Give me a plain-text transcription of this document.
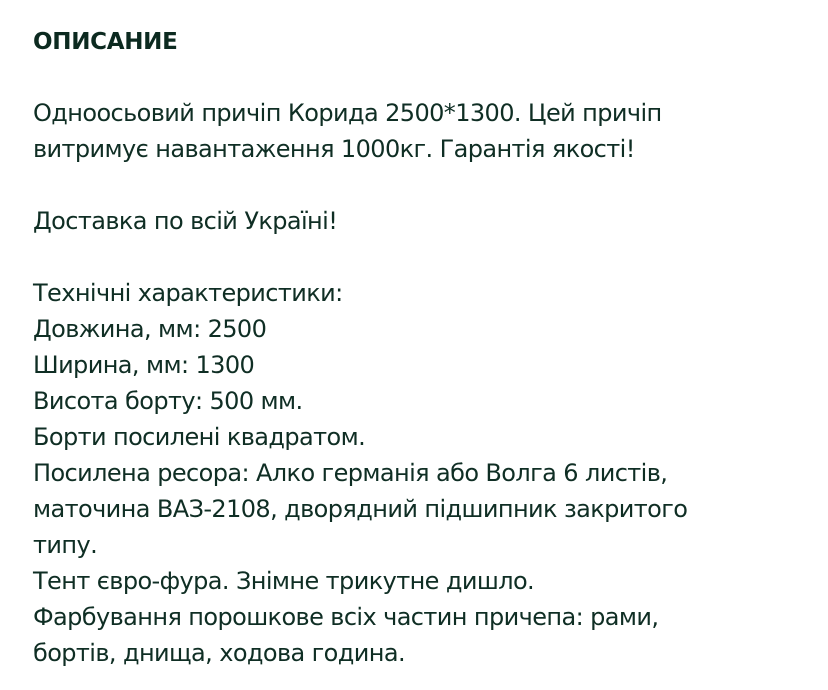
ОПИСАНИЕ
Одноосьовий причіп Корида 2500*1300. Цей причіп
витримує навантаження 1000кг. Гарантія якості!
Доставка по всій Україні!
Технічні характеристики:
Довжина, мм: 2500
Ширина, мм: 1300
Висота борту: 500 мм.
Борти посилені квадратом.
Посилена ресора: Алко германія або Волга 6 листів,
маточина ВАЗ-2108, дворядний підшипник закритого
типу.
Тент євро-фура. Знімне трикутне дишло.
Фарбування порошкове всіх частин причепа: рами,
бортів, днища, ходова година.
